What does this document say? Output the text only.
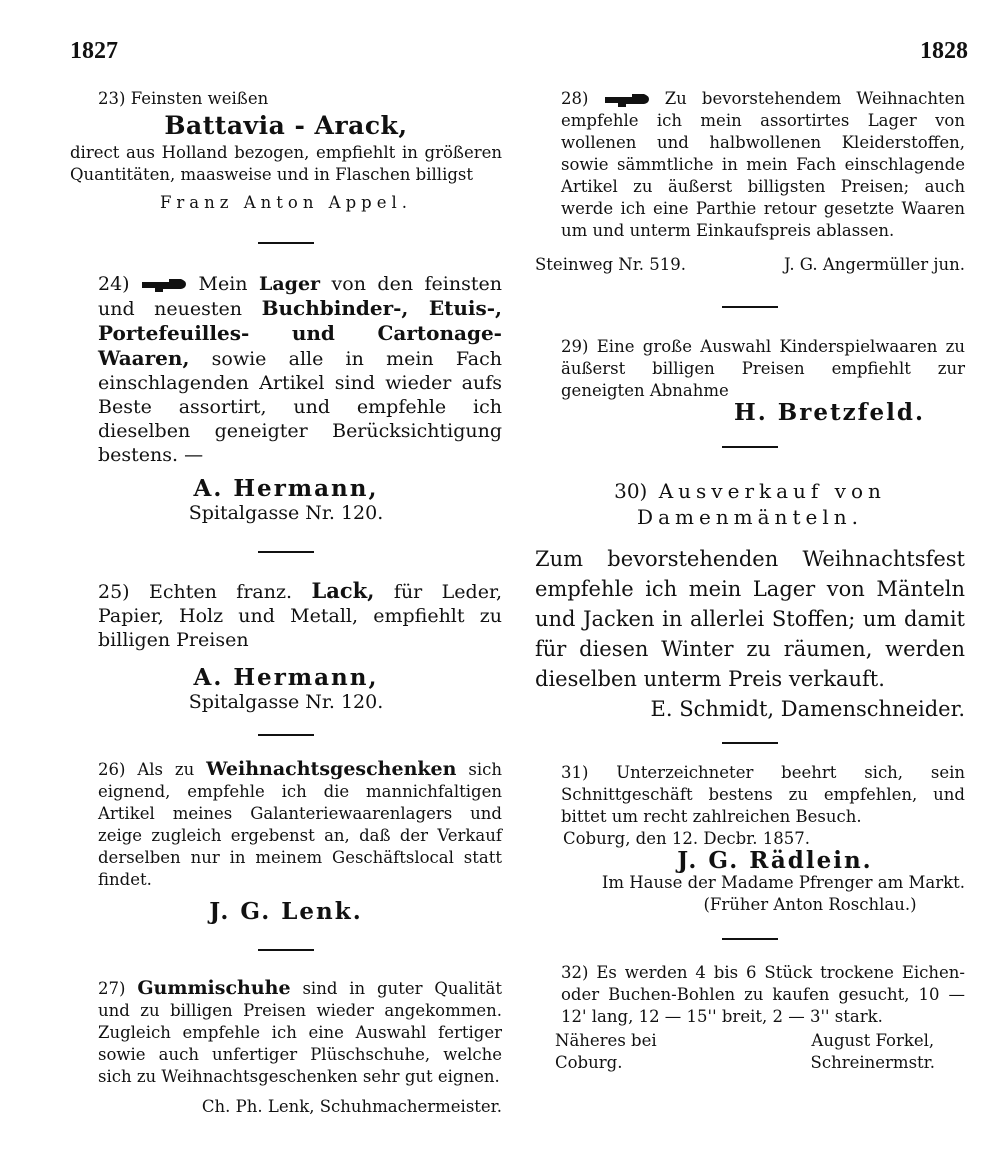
1827	1828

23) Feinsten weißen

Battavia - Arack,

direct aus Holland bezogen, empfiehlt in größeren Quantitäten, maasweise und in Flaschen billigst

Franz Anton Appel.

24)	Mein Lager von den feinsten und neuesten Buchbinder-, Etuis-, Portefeuilles- und Cartonage-Waaren, sowie alle in mein Fach einschlagenden Artikel sind wieder aufs Beste assortirt, und empfehle ich dieselben geneigter Berücksichtigung bestens. —

A. Hermann,

Spitalgasse Nr. 120.

25) Echten franz. Lack, für Leder, Papier, Holz und Metall, empfiehlt zu billigen Preisen

A. Hermann,

Spitalgasse Nr. 120.

26) Als zu Weihnachtsgeschenken sich eignend, empfehle ich die mannichfaltigen Artikel meines Galanteriewaarenlagers und zeige zugleich ergebenst an, daß der Verkauf derselben nur in meinem Geschäftslocal statt findet.

J. G. Lenk.

27) Gummischuhe sind in guter Qualität und zu billigen Preisen wieder angekommen. Zugleich empfehle ich eine Auswahl fertiger sowie auch unfertiger Plüschschuhe, welche sich zu Weihnachtsgeschenken sehr gut eignen.

Ch. Ph. Lenk, Schuhmachermeister.

28)	Zu bevorstehendem Weihnachten empfehle ich mein assortirtes Lager von wollenen und halbwollenen Kleiderstoffen, sowie sämmtliche in mein Fach einschlagende Artikel zu äußerst billigsten Preisen; auch werde ich eine Parthie retour gesetzte Waaren um und unterm Einkaufspreis ablassen.

Steinweg Nr. 519.	J. G. Angermüller jun.

29) Eine große Auswahl Kinderspielwaaren zu äußerst billigen Preisen empfiehlt zur geneigten Abnahme

H. Bretzfeld.

30) Ausverkauf von Damenmänteln.

Zum bevorstehenden Weihnachtsfest empfehle ich mein Lager von Mänteln und Jacken in allerlei Stoffen; um damit für diesen Winter zu räumen, werden dieselben unterm Preis verkauft.

E. Schmidt, Damenschneider.

31) Unterzeichneter beehrt sich, sein Schnittgeschäft bestens zu empfehlen, und bittet um recht zahlreichen Besuch.

Coburg, den 12. Decbr. 1857.

J. G. Rädlein.

Im Hause der Madame Pfrenger am Markt.

(Früher Anton Roschlau.)

32) Es werden 4 bis 6 Stück trockene Eichen- oder Buchen-Bohlen zu kaufen gesucht, 10 — 12' lang, 12 — 15'' breit, 2 — 3'' stark.

Näheres bei
Coburg.
August Forkel,
Schreinermstr.
